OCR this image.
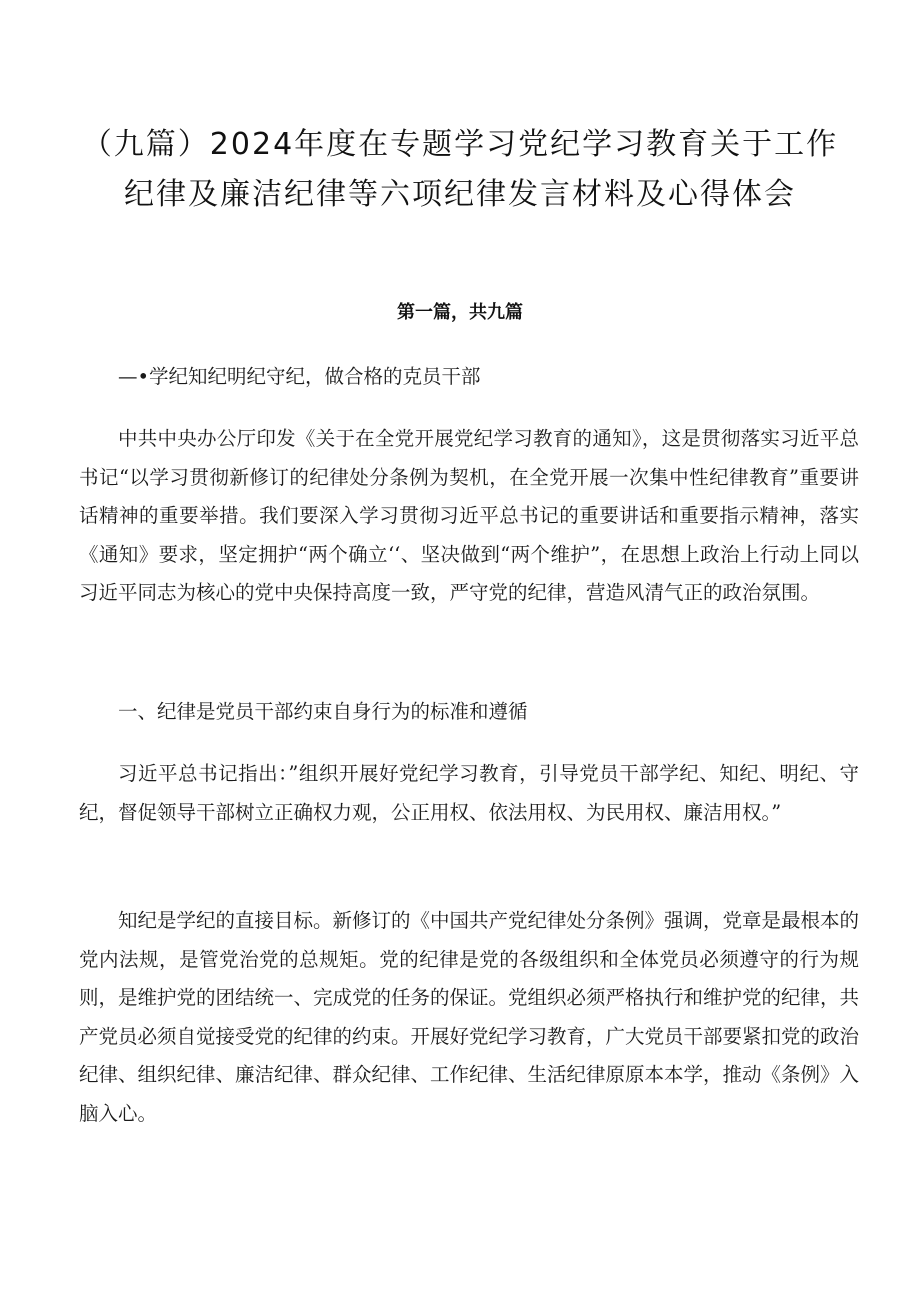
（九篇）2024年度在专题学习党纪学习教育关于工作纪律及廉洁纪律等六项纪律发言材料及心得体会
第一篇，共九篇

—•学纪知纪明纪守纪，做合格的克员干部

中共中央办公厅印发《关于在全党开展党纪学习教育的通知》，这是贯彻落实习近平总书记“以学习贯彻新修订的纪律处分条例为契机，在全党开展一次集中性纪律教育”重要讲话精神的重要举措。我们要深入学习贯彻习近平总书记的重要讲话和重要指示精神，落实《通知》要求，坚定拥护“两个确立‘‘、坚决做到“两个维护”，在思想上政治上行动上同以习近平同志为核心的党中央保持高度一致，严守党的纪律，营造风清气正的政治氛围。

一、纪律是党员干部约束自身行为的标准和遵循

习近平总书记指出：”组织开展好党纪学习教育，引导党员干部学纪、知纪、明纪、守纪，督促领导干部树立正确权力观，公正用权、依法用权、为民用权、廉洁用权。”

知纪是学纪的直接目标。新修订的《中国共产党纪律处分条例》强调，党章是最根本的党内法规，是管党治党的总规矩。党的纪律是党的各级组织和全体党员必须遵守的行为规则，是维护党的团结统一、完成党的任务的保证。党组织必须严格执行和维护党的纪律，共产党员必须自觉接受党的纪律的约束。开展好党纪学习教育，广大党员干部要紧扣党的政治纪律、组织纪律、廉洁纪律、群众纪律、工作纪律、生活纪律原原本本学，推动《条例》入脑入心。
